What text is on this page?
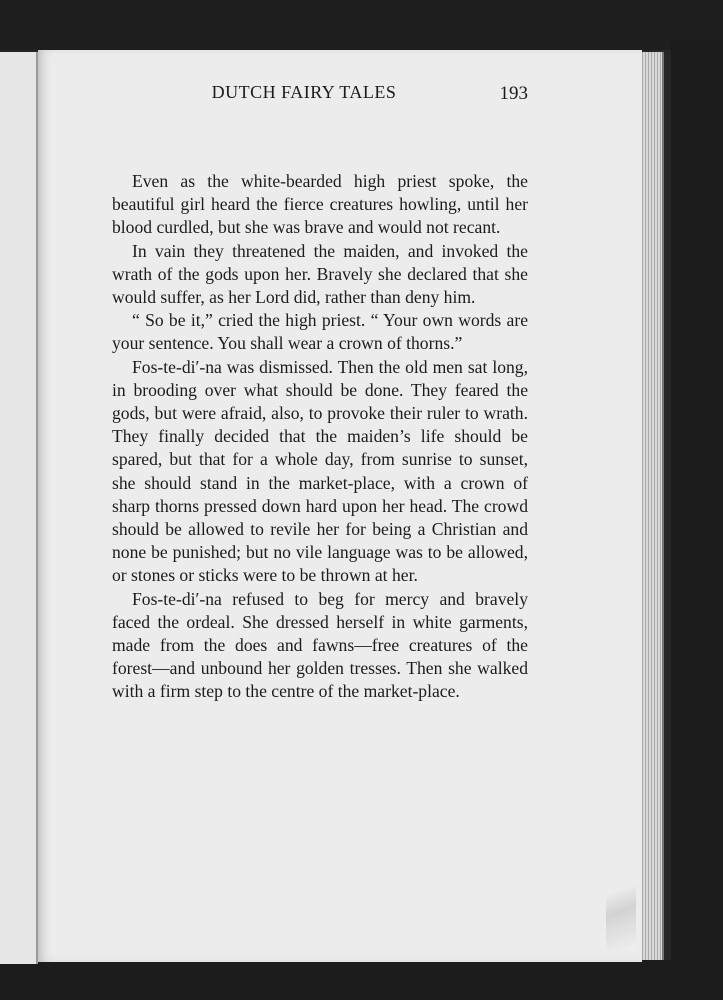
DUTCH FAIRY TALES	193

Even as the white-bearded high priest spoke, the beautiful girl heard the fierce creatures howling, until her blood curdled, but she was brave and would not recant.

In vain they threatened the maiden, and invoked the wrath of the gods upon her. Bravely she declared that she would suffer, as her Lord did, rather than deny him.

“ So be it,” cried the high priest. “ Your own words are your sentence. You shall wear a crown of thorns.”

Fos-te-di′-na was dismissed. Then the old men sat long, in brooding over what should be done. They feared the gods, but were afraid, also, to provoke their ruler to wrath. They finally decided that the maiden’s life should be spared, but that for a whole day, from sunrise to sunset, she should stand in the market-place, with a crown of sharp thorns pressed down hard upon her head. The crowd should be allowed to revile her for being a Christian and none be punished; but no vile language was to be allowed, or stones or sticks were to be thrown at her.

Fos-te-di′-na refused to beg for mercy and bravely faced the ordeal. She dressed herself in white garments, made from the does and fawns—free creatures of the forest—and unbound her golden tresses. Then she walked with a firm step to the centre of the market-place.
